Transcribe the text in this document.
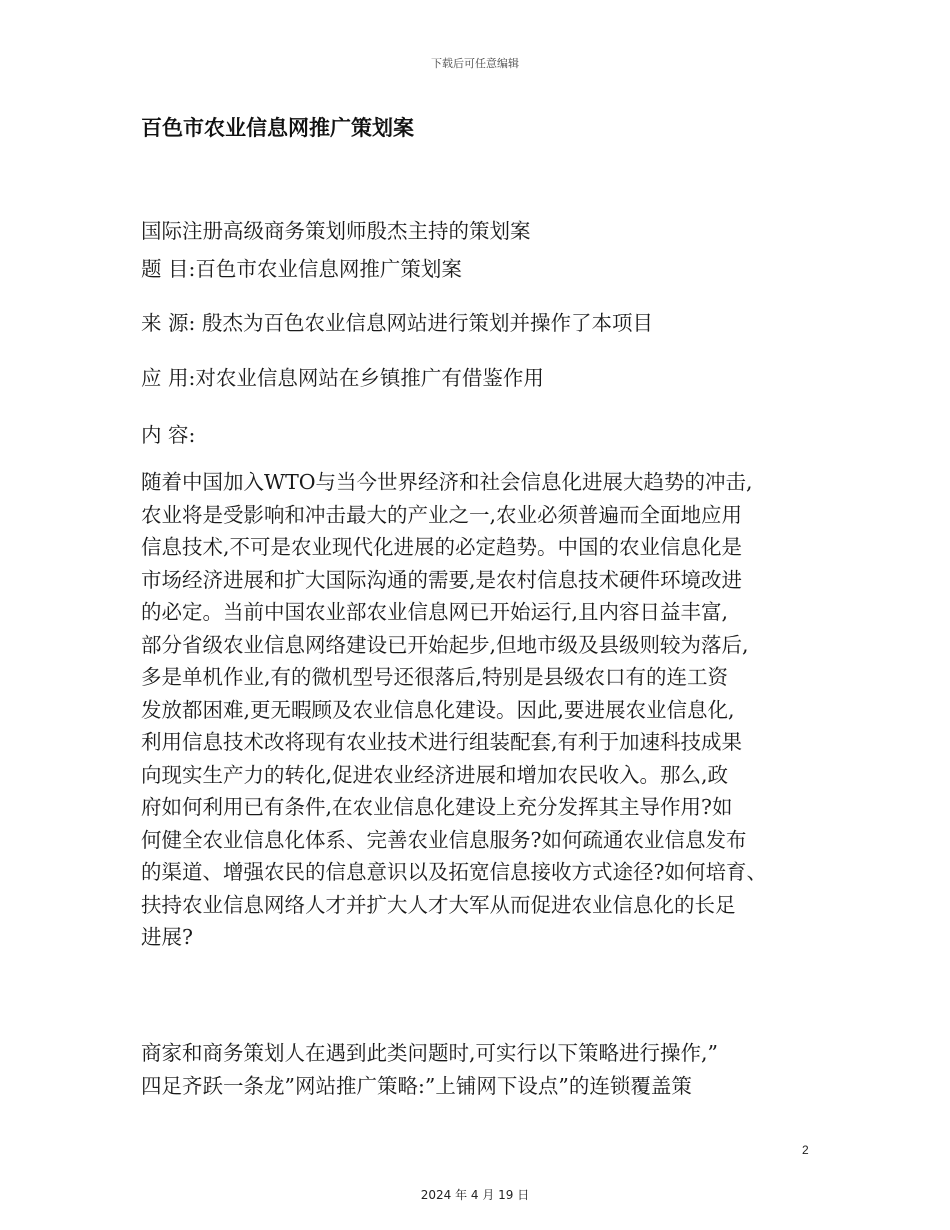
下载后可任意编辑
百色市农业信息网推广策划案

国际注册高级商务策划师殷杰主持的策划案

题 目:百色市农业信息网推广策划案

来 源: 殷杰为百色农业信息网站进行策划并操作了本项目

应 用:对农业信息网站在乡镇推广有借鉴作用

内 容:

随着中国加入WTO与当今世界经济和社会信息化进展大趋势的冲击,
农业将是受影响和冲击最大的产业之一,农业必须普遍而全面地应用
信息技术,不可是农业现代化进展的必定趋势。中国的农业信息化是
市场经济进展和扩大国际沟通的需要,是农村信息技术硬件环境改进
的必定。当前中国农业部农业信息网已开始运行,且内容日益丰富,
部分省级农业信息网络建设已开始起步,但地市级及县级则较为落后,
多是单机作业,有的微机型号还很落后,特别是县级农口有的连工资
发放都困难,更无暇顾及农业信息化建设。因此,要进展农业信息化,
利用信息技术改将现有农业技术进行组装配套,有利于加速科技成果
向现实生产力的转化,促进农业经济进展和增加农民收入。那么,政
府如何利用已有条件,在农业信息化建设上充分发挥其主导作用?如
何健全农业信息化体系、完善农业信息服务?如何疏通农业信息发布
的渠道、增强农民的信息意识以及拓宽信息接收方式途径?如何培育、
扶持农业信息网络人才并扩大人才大军从而促进农业信息化的长足
进展?
商家和商务策划人在遇到此类问题时,可实行以下策略进行操作,”
四足齐跃一条龙”网站推广策略:”上铺网下设点”的连锁覆盖策
2
2024 年 4 月 19 日
